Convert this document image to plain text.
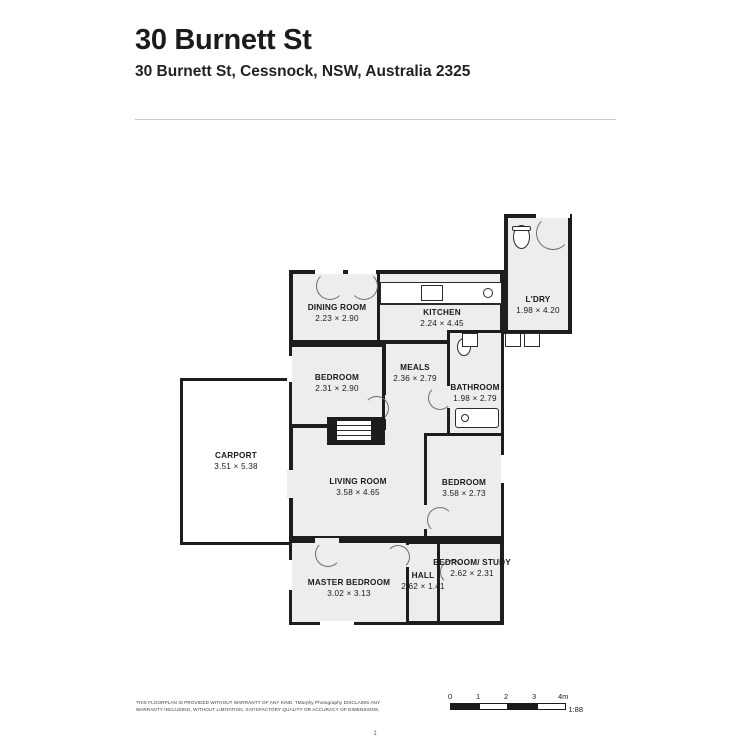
30 Burnett St

30 Burnett St, Cessnock, NSW, Australia 2325

DINING ROOM
2.23 × 2.90
KITCHEN
2.24 × 4.45
L'DRY
1.98 × 4.20
BEDROOM
2.31 × 2.90
MEALS
2.36 × 2.79
BATHROOM
1.98 × 2.79
CARPORT
3.51 × 5.38
LIVING ROOM
3.58 × 4.65
BEDROOM
3.58 × 2.73
HALL
2.62 × 1.41
BEDROOM/ STUDY
2.62 × 2.31
MASTER BEDROOM
3.02 × 3.13
THIS FLOORPLAN IS PROVIDED WITHOUT WARRANTY OF ANY KIND. TMurphy Photography DISCLAIMS ANY WARRANTY INCLUDING, WITHOUT LIMITATION, SATISFACTORY QUALITY OR ACCURACY OF DIMENSIONS.
0	1	2	3	4m
1:88
1
